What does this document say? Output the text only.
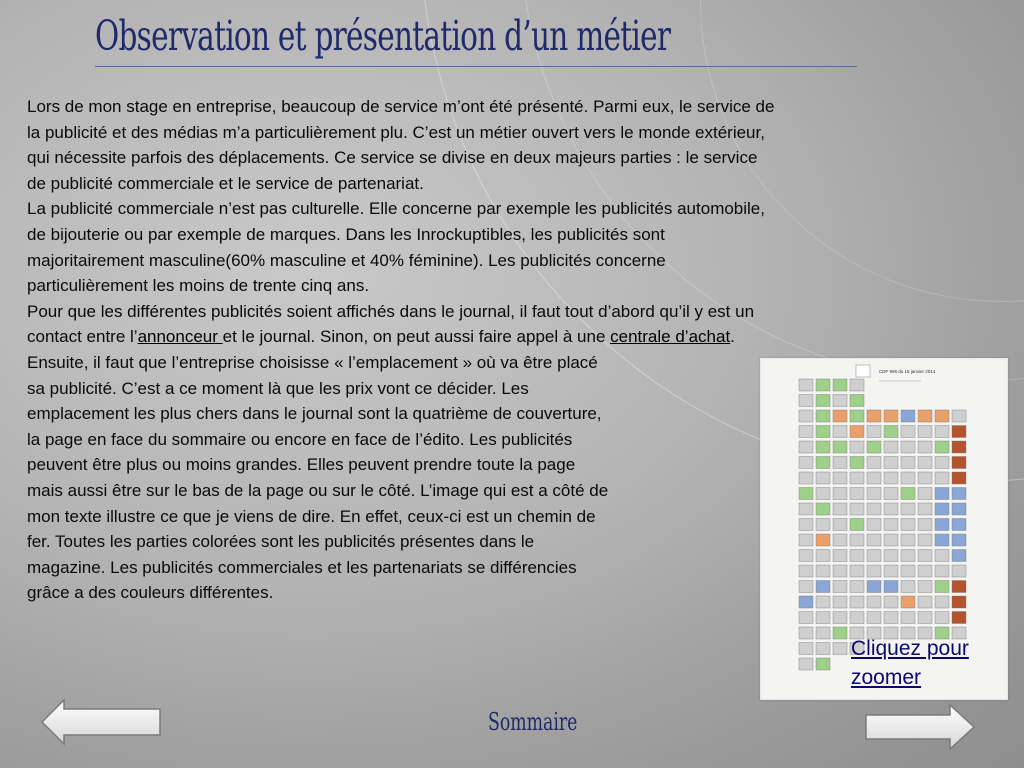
Observation et présentation d’un métier
Lors de mon stage en entreprise, beaucoup de service m’ont été présenté. Parmi eux, le service de
la publicité et des médias m’a particulièrement plu. C’est un métier ouvert vers le monde extérieur,
qui nécessite parfois des déplacements. Ce service se divise en deux majeurs parties : le service
de publicité commerciale et le service de partenariat.
La publicité commerciale n’est pas culturelle. Elle concerne par exemple les publicités automobile,
de bijouterie ou par exemple de marques. Dans les Inrockuptibles, les publicités sont
majoritairement masculine(60% masculine et 40% féminine). Les publicités concerne
particulièrement les moins de trente cinq ans.
Pour que les différentes publicités soient affichés dans le journal, il faut tout d’abord qu’il y est un
contact entre l’annonceur et le journal. Sinon, on peut aussi faire appel à une centrale d’achat.
Ensuite, il faut que l’entreprise choisisse « l’emplacement » où va être placé
sa publicité. C’est a ce moment là que les prix vont ce décider. Les
emplacement les plus chers dans le journal sont la quatrième de couverture,
la page en face du sommaire ou encore en face de l’édito. Les publicités
peuvent être plus ou moins grandes. Elles peuvent prendre toute la page
mais aussi être sur le bas de la page ou sur le côté. L’image qui est a côté de
mon texte illustre ce que je viens de dire. En effet, ceux-ci est un chemin de
fer. Toutes les parties colorées sont les publicités présentes dans le
magazine. Les publicités commerciales et les partenariats se différencies
grâce a des couleurs différentes.
CDF 998 du 15 janvier 2014
Cliquez pour
zoomer
Sommaire
